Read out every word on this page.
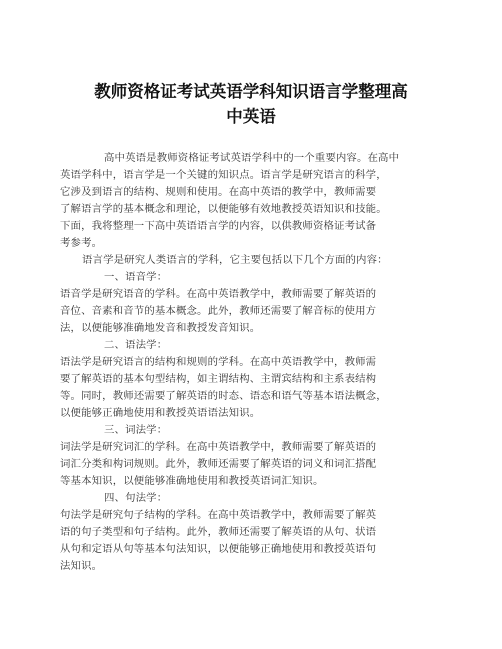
教师资格证考试英语学科知识语言学整理高
中英语
高中英语是教师资格证考试英语学科中的一个重要内容。在高中
英语学科中，语言学是一个关键的知识点。语言学是研究语言的科学，
它涉及到语言的结构、规则和使用。在高中英语的教学中，教师需要
了解语言学的基本概念和理论，以便能够有效地教授英语知识和技能。
下面，我将整理一下高中英语语言学的内容，以供教师资格证考试备
考参考。
语言学是研究人类语言的学科，它主要包括以下几个方面的内容：
一、语音学：
语音学是研究语音的学科。在高中英语教学中，教师需要了解英语的
音位、音素和音节的基本概念。此外，教师还需要了解音标的使用方
法，以便能够准确地发音和教授发音知识。
二、语法学：
语法学是研究语言的结构和规则的学科。在高中英语教学中，教师需
要了解英语的基本句型结构，如主谓结构、主谓宾结构和主系表结构
等。同时，教师还需要了解英语的时态、语态和语气等基本语法概念，
以便能够正确地使用和教授英语语法知识。
三、词法学：
词法学是研究词汇的学科。在高中英语教学中，教师需要了解英语的
词汇分类和构词规则。此外，教师还需要了解英语的词义和词汇搭配
等基本知识，以便能够准确地使用和教授英语词汇知识。
四、句法学：
句法学是研究句子结构的学科。在高中英语教学中，教师需要了解英
语的句子类型和句子结构。此外，教师还需要了解英语的从句、状语
从句和定语从句等基本句法知识，以便能够正确地使用和教授英语句
法知识。
